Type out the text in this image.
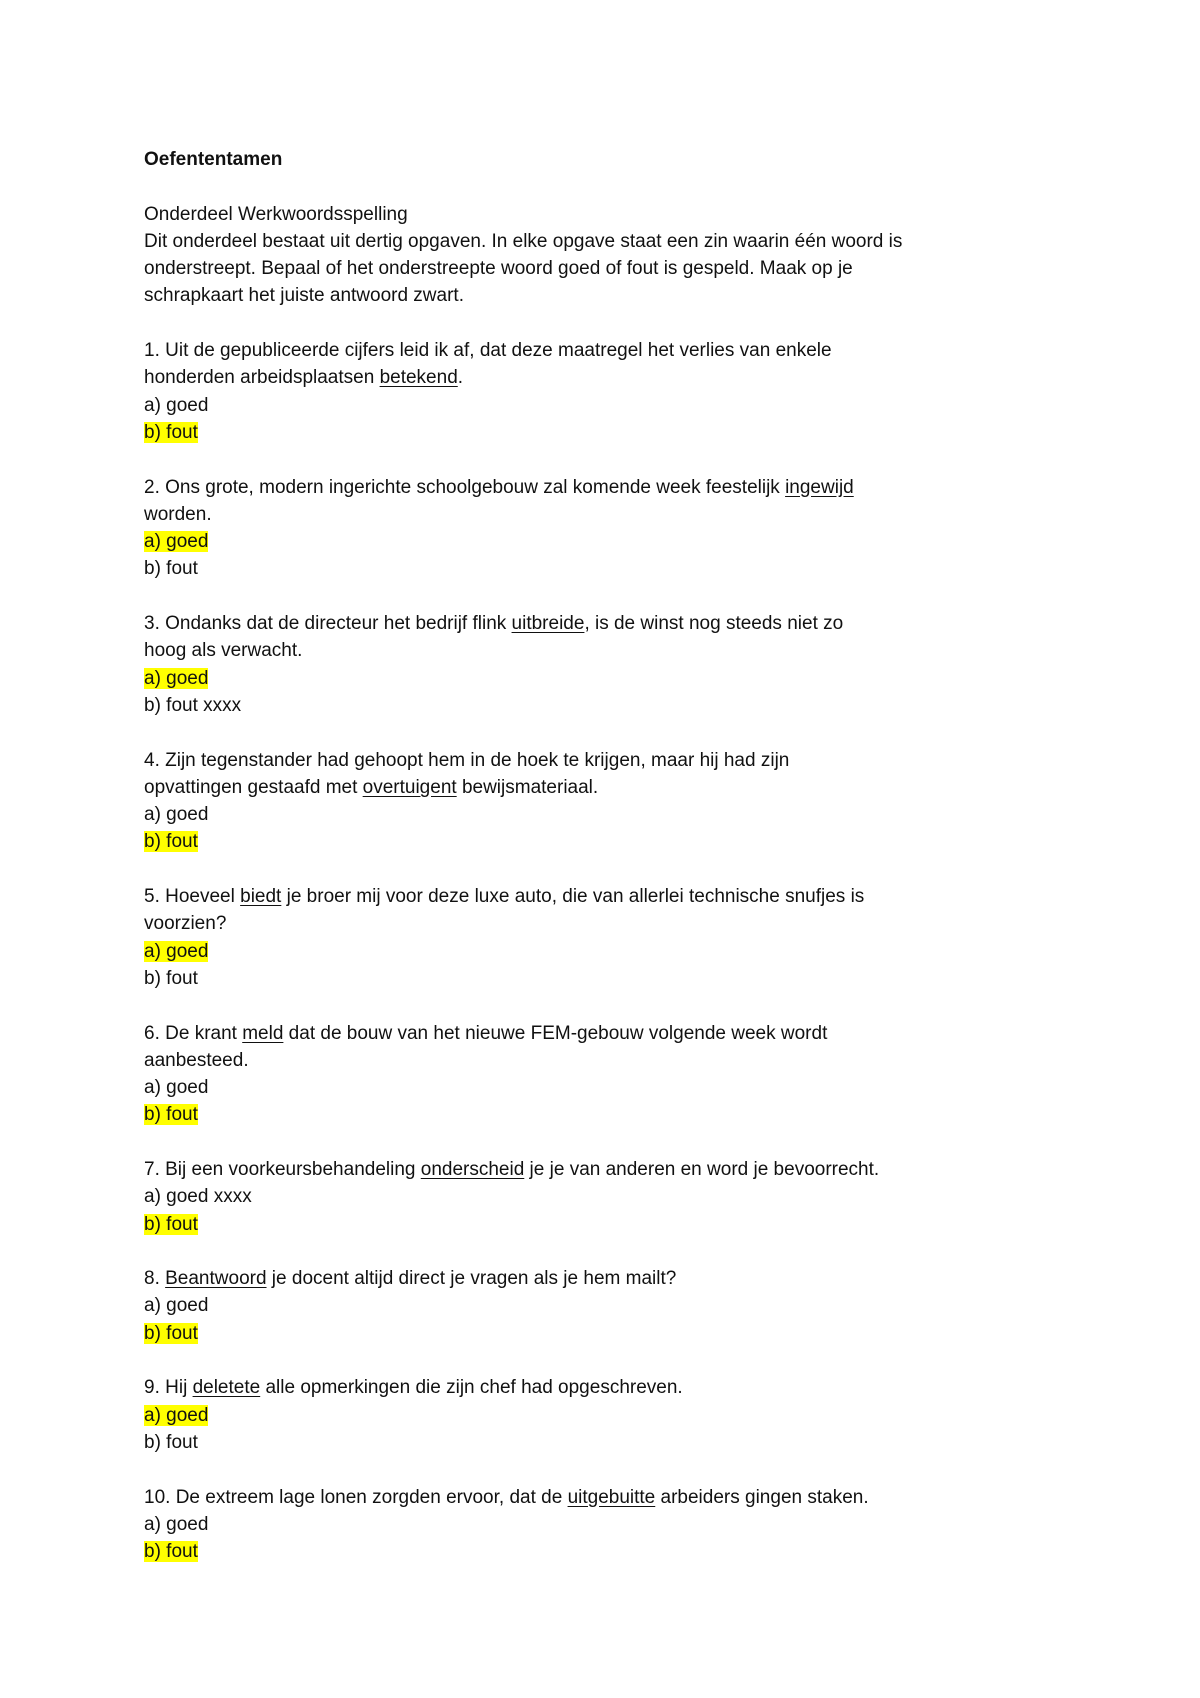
Oefententamen

Onderdeel Werkwoordsspelling

Dit onderdeel bestaat uit dertig opgaven. In elke opgave staat een zin waarin één woord is

onderstreept. Bepaal of het onderstreepte woord goed of fout is gespeld. Maak op je

schrapkaart het juiste antwoord zwart.

1. Uit de gepubliceerde cijfers leid ik af, dat deze maatregel het verlies van enkele

honderden arbeidsplaatsen betekend.

a) goed

b) fout

2. Ons grote, modern ingerichte schoolgebouw zal komende week feestelijk ingewijd

worden.

a) goed

b) fout

3. Ondanks dat de directeur het bedrijf flink uitbreide, is de winst nog steeds niet zo

hoog als verwacht.

a) goed

b) fout xxxx

4. Zijn tegenstander had gehoopt hem in de hoek te krijgen, maar hij had zijn

opvattingen gestaafd met overtuigent bewijsmateriaal.

a) goed

b) fout

5. Hoeveel biedt je broer mij voor deze luxe auto, die van allerlei technische snufjes is

voorzien?

a) goed

b) fout

6. De krant meld dat de bouw van het nieuwe FEM-gebouw volgende week wordt

aanbesteed.

a) goed

b) fout

7. Bij een voorkeursbehandeling onderscheid je je van anderen en word je bevoorrecht.

a) goed xxxx

b) fout

8. Beantwoord je docent altijd direct je vragen als je hem mailt?

a) goed

b) fout

9. Hij deletete alle opmerkingen die zijn chef had opgeschreven.

a) goed

b) fout

10. De extreem lage lonen zorgden ervoor, dat de uitgebuitte arbeiders gingen staken.

a) goed

b) fout
